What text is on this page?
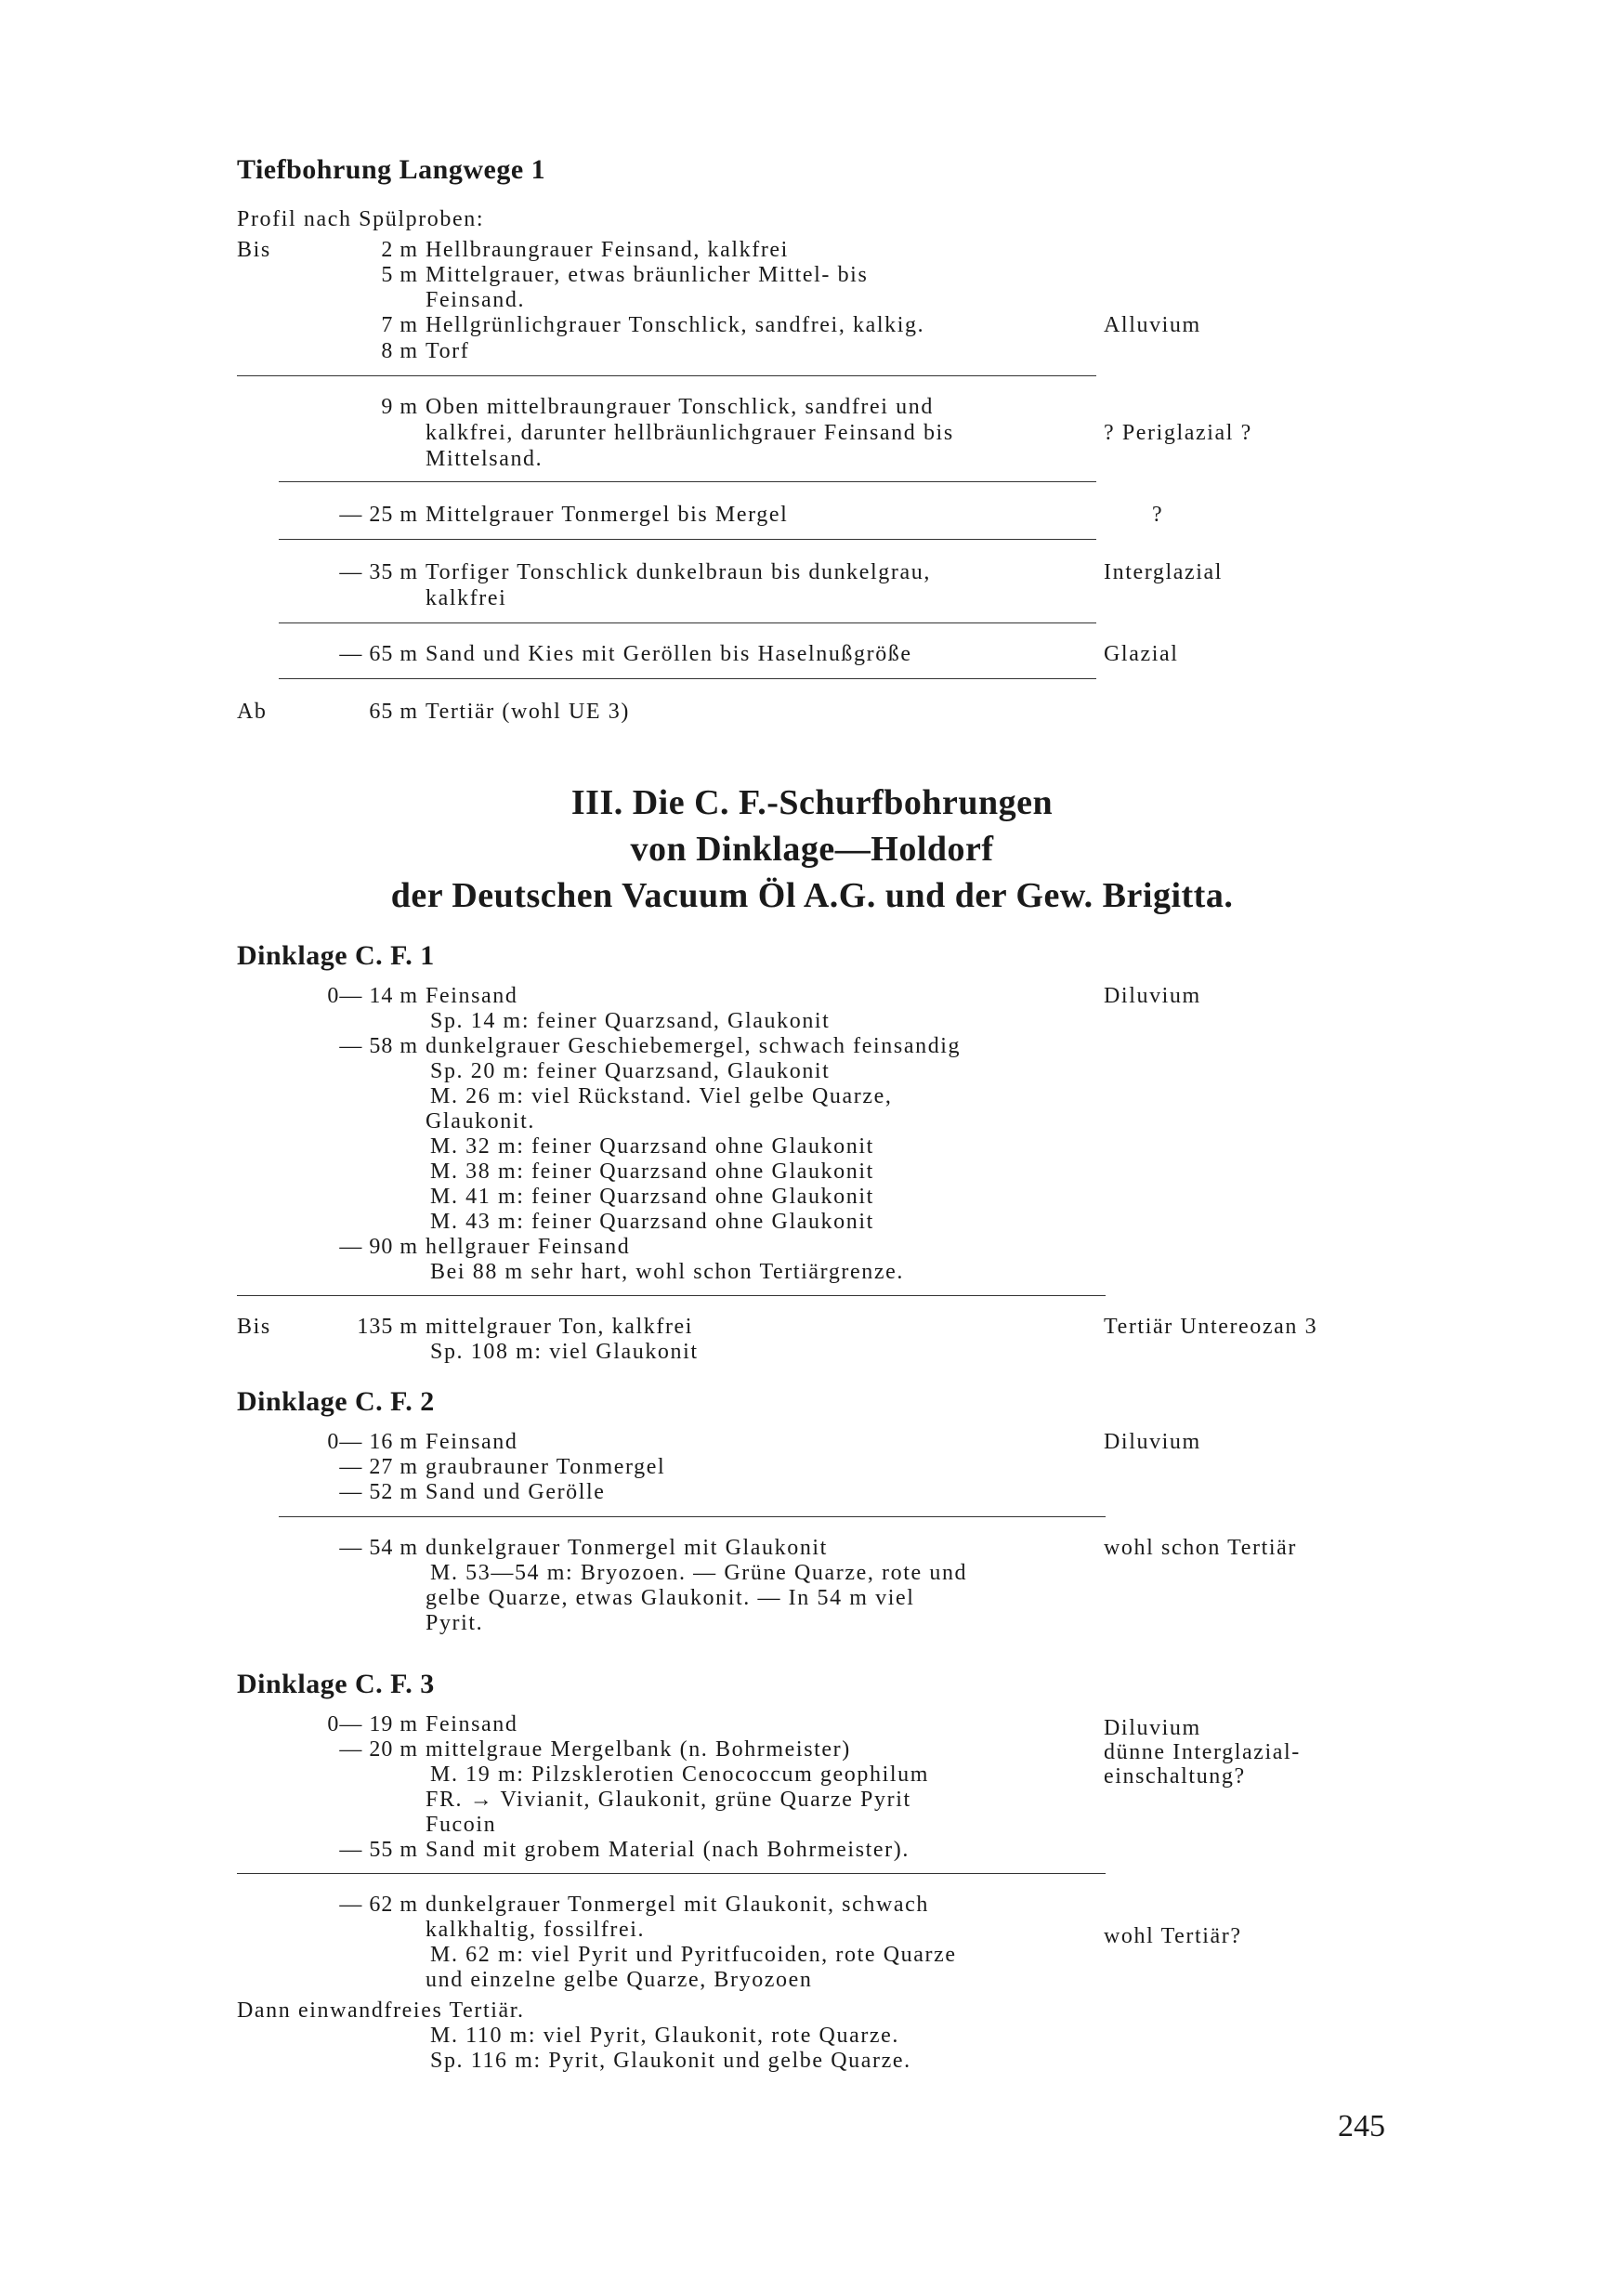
Tiefbohrung Langwege 1
Profil nach Spülproben:
Bis	2 m Hellbraungrauer Feinsand, kalkfrei
5 m Mittelgrauer, etwas bräunlicher Mittel- bis
Feinsand.
7 m Hellgrünlichgrauer Tonschlick, sandfrei, kalkig.	Alluvium
8 m Torf
9 m Oben mittelbraungrauer Tonschlick, sandfrei und
kalkfrei, darunter hellbräunlichgrauer Feinsand bis	? Periglazial ?
Mittelsand.
— 25 m Mittelgrauer Tonmergel bis Mergel	?
— 35 m Torfiger Tonschlick dunkelbraun bis dunkelgrau,	Interglazial
kalkfrei
— 65 m Sand und Kies mit Geröllen bis Haselnußgröße	Glazial
Ab	65 m Tertiär (wohl UE 3)
III. Die C. F.-Schurfbohrungen
von Dinklage—Holdorf
der Deutschen Vacuum Öl A.G. und der Gew. Brigitta.
Dinklage C. F. 1
0— 14 m Feinsand	Diluvium
Sp. 14 m: feiner Quarzsand, Glaukonit
— 58 m dunkelgrauer Geschiebemergel, schwach feinsandig
Sp. 20 m: feiner Quarzsand, Glaukonit
M. 26 m: viel Rückstand. Viel gelbe Quarze,
Glaukonit.
M. 32 m: feiner Quarzsand ohne Glaukonit
M. 38 m: feiner Quarzsand ohne Glaukonit
M. 41 m: feiner Quarzsand ohne Glaukonit
M. 43 m: feiner Quarzsand ohne Glaukonit
— 90 m hellgrauer Feinsand
Bei 88 m sehr hart, wohl schon Tertiärgrenze.
Bis	135 m mittelgrauer Ton, kalkfrei	Tertiär Untereozan 3
Sp. 108 m: viel Glaukonit
Dinklage C. F. 2
0— 16 m Feinsand	Diluvium
— 27 m graubrauner Tonmergel
— 52 m Sand und Gerölle
— 54 m dunkelgrauer Tonmergel mit Glaukonit	wohl schon Tertiär
M. 53—54 m: Bryozoen. — Grüne Quarze, rote und
gelbe Quarze, etwas Glaukonit. — In 54 m viel
Pyrit.
Dinklage C. F. 3
0— 19 m Feinsand	Diluvium
— 20 m mittelgraue Mergelbank (n. Bohrmeister)	dünne Interglazial-
M. 19 m: Pilzsklerotien Cenococcum geophilum	einschaltung?
FR. → Vivianit, Glaukonit, grüne Quarze Pyrit
Fucoin
— 55 m Sand mit grobem Material (nach Bohrmeister).
— 62 m dunkelgrauer Tonmergel mit Glaukonit, schwach
kalkhaltig, fossilfrei.	wohl Tertiär?
M. 62 m: viel Pyrit und Pyritfucoiden, rote Quarze
und einzelne gelbe Quarze, Bryozoen
Dann einwandfreies Tertiär.
M. 110 m: viel Pyrit, Glaukonit, rote Quarze.
Sp. 116 m: Pyrit, Glaukonit und gelbe Quarze.
245
